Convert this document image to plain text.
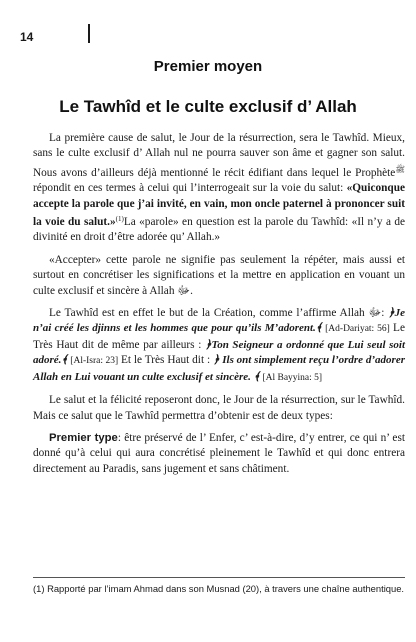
14
Premier moyen
Le Tawhîd et le culte exclusif d’ Allah

La première cause de salut, le Jour de la résurrection, sera le Tawhîd. Mieux, sans le culte exclusif d’ Allah nul ne pourra sauver son âme et gagner son salut. Nous avons d’ailleurs déjà mentionné le récit édifiant dans lequel le Prophète$^ﷺ$ répondit en ces termes à celui qui l’interrogeait sur la voie du salut: «Quiconque accepte la parole que j’ai invité, en vain, mon oncle paternel à prononcer suit la voie du salut.»$^{(1)}$La «parole» en question est la parole du Tawhîd: «Il n’y a de divinité en droit d’être adorée qu’ Allah.»

«Accepter» cette parole ne signifie pas seulement la répéter, mais aussi et surtout en concrétiser les significations et la mettre en application en vouant un culte exclusif et sincère à Allah ﷻ.

Le Tawhîd est en effet le but de la Création, comme l’affirme Allah ﷻ: ﴿Je n’ai créé les djinns et les hommes que pour qu’ils M’adorent.﴾ [Ad-Dariyat: 56] Le Très Haut dit de même par ailleurs : ﴿Ton Seigneur a ordonné que Lui seul soit adoré.﴾ [Al-Isra: 23] Et le Très Haut dit : ﴿ Ils ont simplement reçu l’ordre d’adorer Allah en Lui vouant un culte exclusif et sincère. ﴾ [Al Bayyina: 5]

Le salut et la félicité reposeront donc, le Jour de la résurrection, sur le Tawhîd. Mais ce salut que le Tawhîd permettra d’obtenir est de deux types:

Premier type: être préservé de l’ Enfer, c’ est-à-dire, d’y entrer, ce qui n’ est donné qu’à celui qui aura concrétisé pleinement le Tawhîd et qui donc entrera directement au Paradis, sans jugement et sans châtiment.

(1) Rapporté par l’imam Ahmad dans son Musnad (20), à travers une chaîne authentique.
